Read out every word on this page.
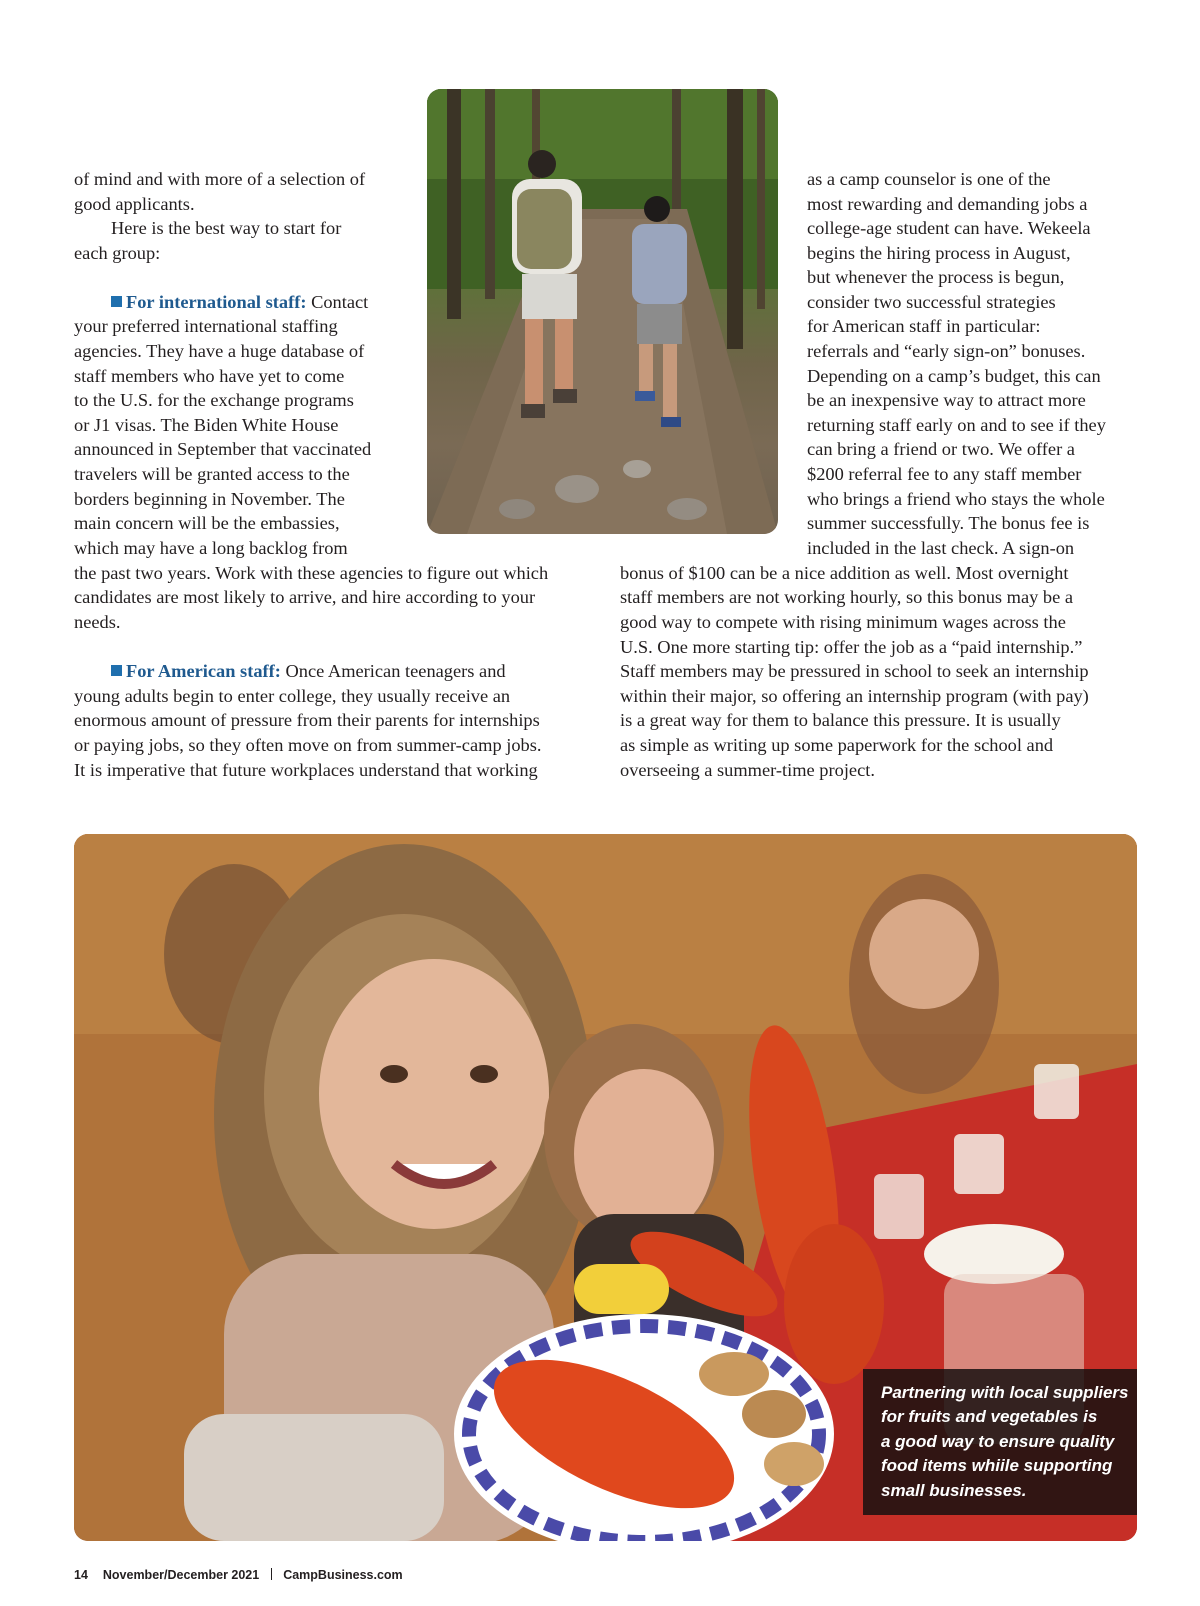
of mind and with more of a selection of
good applicants.
Here is the best way to start for
each group:
For international staff: Contact
your preferred international staffing
agencies. They have a huge database of
staff members who have yet to come
to the U.S. for the exchange programs
or J1 visas. The Biden White House
announced in September that vaccinated
travelers will be granted access to the
borders beginning in November. The
main concern will be the embassies,
which may have a long backlog from
the past two years. Work with these agencies to figure out which
candidates are most likely to arrive, and hire according to your
needs.
For American staff: Once American teenagers and
young adults begin to enter college, they usually receive an
enormous amount of pressure from their parents for internships
or paying jobs, so they often move on from summer-camp jobs.
It is imperative that future workplaces understand that working
as a camp counselor is one of the
most rewarding and demanding jobs a
college-age student can have. Wekeela
begins the hiring process in August,
but whenever the process is begun,
consider two successful strategies
for American staff in particular:
referrals and “early sign-on” bonuses.
Depending on a camp’s budget, this can
be an inexpensive way to attract more
returning staff early on and to see if they
can bring a friend or two. We offer a
$200 referral fee to any staff member
who brings a friend who stays the whole
summer successfully. The bonus fee is
included in the last check. A sign-on
bonus of $100 can be a nice addition as well. Most overnight
staff members are not working hourly, so this bonus may be a
good way to compete with rising minimum wages across the
U.S. One more starting tip: offer the job as a “paid internship.”
Staff members may be pressured in school to seek an internship
within their major, so offering an internship program (with pay)
is a great way for them to balance this pressure. It is usually
as simple as writing up some paperwork for the school and
overseeing a summer-time project.
Partnering with local suppliers
for fruits and vegetables is
a good way to ensure quality
food items whiile supporting
small businesses.
14 November/December 2021 CampBusiness.com
